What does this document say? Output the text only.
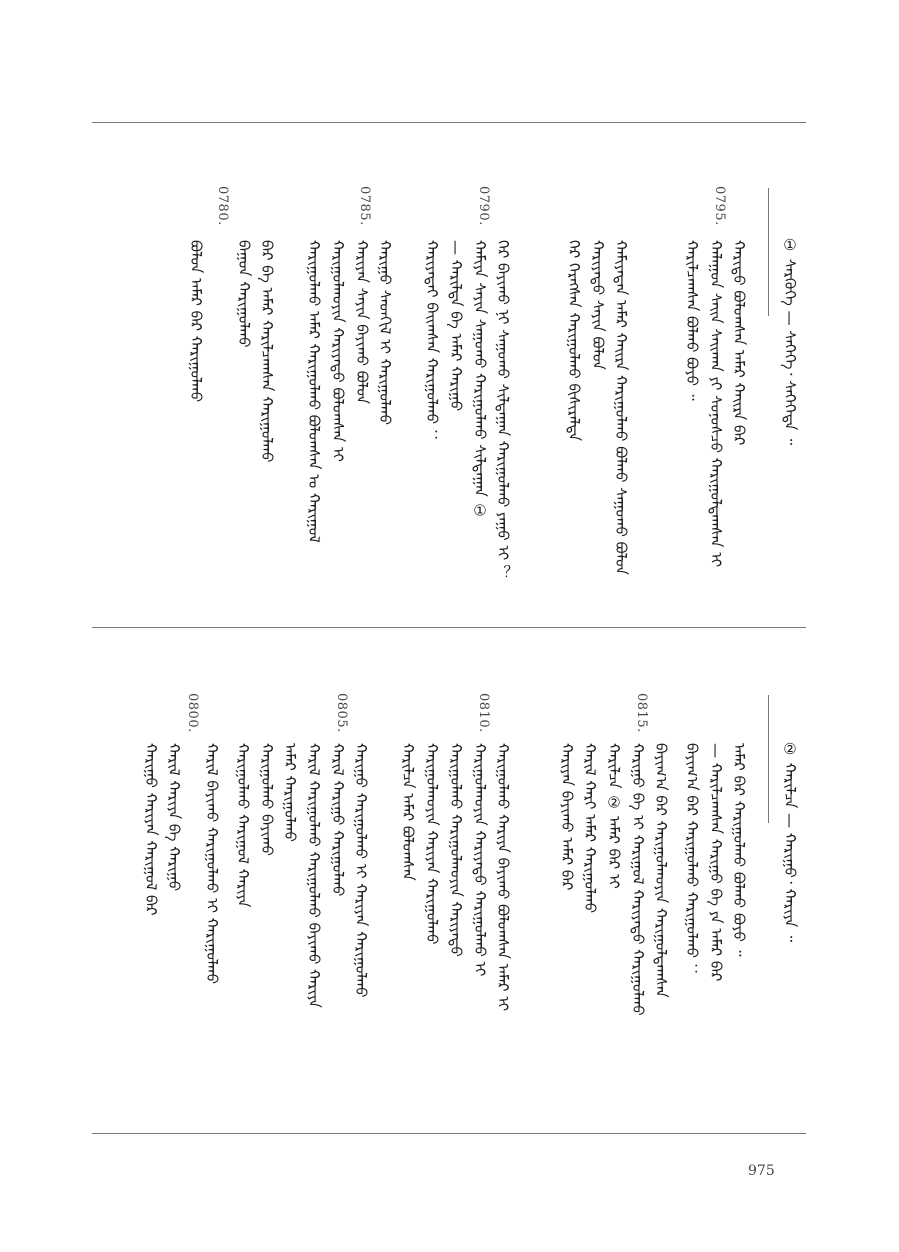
① ᠰᠡᠷᠭᠦᠭᠡ — ᠰᠡᠭᠡᠭᠡ᠂ ᠰᠡᠭᠡᠭᠡᠳᠡ ᠃
0795.
0790.
0785.
0780.
ᠬᠠᠷᠢᠳᠤ ᠪᠤᠯᠤᠭᠰᠠᠨ ᠠᠮᠠᠷ ᠬᠠᠢᠷᠠ ᠪᠡᠷ
ᠬᠠᠯᠠᠭᠤᠨ ᠰᠠᠢᠨ ᠰᠠᠢᠬᠠᠨ ᠶᠢ ᠰᠣᠨᠣᠰᠴᠤ ᠬᠠᠷᠢᠭᠤᠯᠳᠠᠭᠰᠠᠨ ᠢ
ᠬᠠᠷᠢᠯᠴᠠᠭᠰᠠᠨ ᠪᠤᠯᠬᠤ ᠪᠤᠶᠤ ᠃
ᠬᠠᠮᠢᠶᠠᠳᠠᠨ ᠠᠮᠠᠷ ᠬᠠᠢᠷᠠ ᠬᠠᠷᠢᠭᠤᠯᠬᠤ ᠪᠤᠯᠬᠤ ᠰᠠᠭᠤᠬᠤ ᠪᠣᠯᠣᠨ
ᠬᠠᠷᠢᠶᠠᠳᠤ ᠰᠠᠶᠢᠨ ᠪᠤᠯᠤᠨ
ᠭᠡᠷ ᠬᠡᠷᠡᠭᠰᠡᠨ ᠬᠠᠷᠢᠭᠤᠯᠬᠤ ᠪᠢᠰᠢᠷᠡᠯᠲᠡ
ᠭᠡᠷ ᠪᠠᠶᠢᠬᠤ ᠨᠢ ᠰᠠᠭᠤᠬᠤ ᠰᠢᠯᠲᠠᠭᠠᠨ ᠬᠠᠷᠢᠭᠤᠯᠬᠤ ᠶᠠᠭᠤ ᠢ ？
ᠬᠠᠮᠢᠶᠠ ᠰᠠᠶᠢᠨ ᠰᠠᠭᠤᠬᠤ ᠬᠠᠷᠢᠭᠤᠯᠬᠤ ᠰᠢᠯᠲᠠᠭᠠᠨ ①
— ᠬᠠᠷᠢᠯᠳᠠ ᠪᠡ ᠠᠮᠠᠷ ᠬᠠᠷᠢᠭᠤ
ᠬᠠᠷᠢᠶᠠᠲᠠᠢ ᠪᠠᠢᠭᠰᠠᠨ ᠬᠠᠷᠢᠭᠤᠯᠬᠤ ：
ᠬᠠᠷᠢᠭᠤ ᠰᠡᠳᠬᠢᠯ ᠢ ᠬᠠᠷᠢᠭᠤᠯᠬᠤ
ᠬᠠᠷᠢᠶᠠᠨ ᠰᠠᠶᠢᠨ ᠪᠠᠶᠢᠬᠤ ᠪᠤᠯᠤᠨ
ᠬᠠᠷᠢᠭᠤᠯᠬᠤᠶᠢᠨ ᠬᠠᠷᠢᠶᠠᠳᠤ ᠪᠤᠯᠤᠭᠰᠠᠨ ᠢ
ᠬᠠᠷᠢᠭᠤᠯᠬᠤ ᠠᠮᠠᠷ ᠬᠠᠷᠢᠭᠤᠯᠬᠤ ᠪᠤᠯᠤᠭᠰᠠᠨ ᠤ ᠬᠠᠷᠢᠭᠤᠯ
ᠪᠠᠷ ᠪᠠ ᠠᠮᠠᠷ ᠬᠠᠷᠢᠯᠴᠠᠭᠰᠠᠨ ᠬᠠᠷᠢᠭᠤᠯᠬᠤ
ᠪᠠᠭᠤᠨ ᠬᠠᠷᠢᠭᠤᠯᠬᠤ
ᠪᠤᠯᠤᠨ ᠠᠮᠠᠷ ᠪᠠᠷ ᠬᠠᠷᠢᠭᠤᠯᠬᠤ
② ᠬᠠᠷᠢᠯᠴᠠ — ᠬᠠᠷᠢᠭᠤ᠂ ᠬᠠᠷᠢᠶᠠ ᠃
0815.
0810.
0805.
0800.
ᠠᠮᠠᠷ ᠪᠡᠷ ᠬᠠᠷᠢᠭᠤᠯᠬᠤ ᠪᠤᠯᠬᠤ ᠪᠤᠶᠤ ᠃
— ᠬᠠᠷᠢᠯᠴᠠᠭᠰᠠᠨ ᠬᠠᠷᠢᠭᠤ ᠪᠠ ᠶᠠ ᠠᠮᠠᠷ ᠪᠠᠷ
ᠪᠠᠶᠢᠭ᠎ᠠ ᠪᠡᠷ ᠬᠠᠷᠢᠭᠤᠯᠬᠤ ᠬᠠᠷᠢᠭᠤᠯᠬᠤ ：
ᠪᠠᠶᠢᠭ᠎ᠠ ᠪᠡᠷ ᠬᠠᠷᠢᠭᠤᠯᠬᠤᠶᠢᠨ ᠬᠠᠷᠢᠭᠤᠯᠳᠠᠭᠰᠠᠨ
ᠬᠠᠷᠢᠭᠤ ᠪᠠ ᠢ ᠬᠠᠷᠢᠭᠤᠯ ᠬᠠᠷᠢᠶᠠᠳᠤ ᠬᠠᠷᠢᠭᠤᠯᠬᠤ
ᠬᠠᠷᠢᠯᠴᠠ ② ᠠᠮᠠᠷ ᠪᠠᠷ ᠢ
ᠬᠠᠷᠢᠯ ᠬᠠᠷᠢ ᠠᠮᠠᠷ ᠬᠠᠷᠢᠭᠤᠯᠬᠤ
ᠬᠠᠷᠢᠶᠠᠨ ᠪᠠᠶᠢᠬᠤ ᠠᠮᠠᠷ ᠪᠡᠷ
ᠬᠠᠷᠢᠭᠤᠯᠬᠤ ᠬᠠᠷᠢᠶᠠ ᠪᠠᠶᠢᠬᠤ ᠪᠤᠯᠤᠭᠰᠠᠨ ᠠᠮᠠᠷ ᠢ
ᠬᠠᠷᠢᠭᠤᠯᠬᠤᠶᠢᠨ ᠬᠠᠷᠢᠶᠠᠳᠤ ᠬᠠᠷᠢᠭᠤᠯᠬᠤ ᠢ
ᠬᠠᠷᠢᠭᠤᠯᠬᠤ ᠬᠠᠷᠢᠭᠤᠯᠬᠤᠶᠢᠨ ᠬᠠᠷᠢᠶᠠᠳᠤ
ᠬᠠᠷᠢᠭᠤᠯᠬᠤᠶᠢᠨ ᠬᠠᠷᠢᠶᠠᠨ ᠬᠠᠷᠢᠭᠤᠯᠬᠤ
ᠬᠠᠷᠢᠯᠴᠠ ᠠᠮᠠᠷ ᠪᠤᠯᠤᠭᠰᠠᠨ
ᠬᠠᠷᠢᠭᠤ ᠬᠠᠷᠢᠭᠤᠯᠬᠤ ᠢ ᠬᠠᠷᠢᠶᠠᠨ ᠬᠠᠷᠢᠭᠤᠯᠬᠤ
ᠬᠠᠷᠢᠯ ᠬᠠᠷᠢᠭᠤ ᠬᠠᠷᠢᠭᠤᠯᠬᠤ
ᠬᠠᠷᠢᠯ ᠬᠠᠷᠢᠭᠤᠯᠬᠤ ᠬᠠᠷᠢᠭᠤᠯᠬᠤ ᠪᠠᠶᠢᠬᠤ ᠬᠠᠷᠢᠶᠠ
ᠠᠮᠠᠷ ᠬᠠᠷᠢᠭᠤᠯᠬᠤ
ᠬᠠᠷᠢᠭᠤᠯᠬᠤ ᠪᠠᠶᠢᠬᠤ
ᠬᠠᠷᠢᠭᠤᠯᠬᠤ ᠬᠠᠷᠢᠭᠤᠯ ᠬᠠᠷᠢᠶᠠ
ᠬᠠᠷᠢᠯ ᠪᠠᠶᠢᠬᠤ ᠬᠠᠷᠢᠭᠤᠯᠬᠤ ᠢ ᠬᠠᠷᠢᠭᠤᠯᠬᠤ
ᠬᠠᠷᠢᠯ ᠬᠠᠷᠢᠶᠠ ᠪᠡ ᠬᠠᠷᠢᠭᠤ
ᠬᠠᠷᠢᠭᠤ ᠬᠠᠷᠢᠶᠠᠨ ᠬᠠᠷᠢᠭᠤᠯ ᠪᠡᠷ
975
